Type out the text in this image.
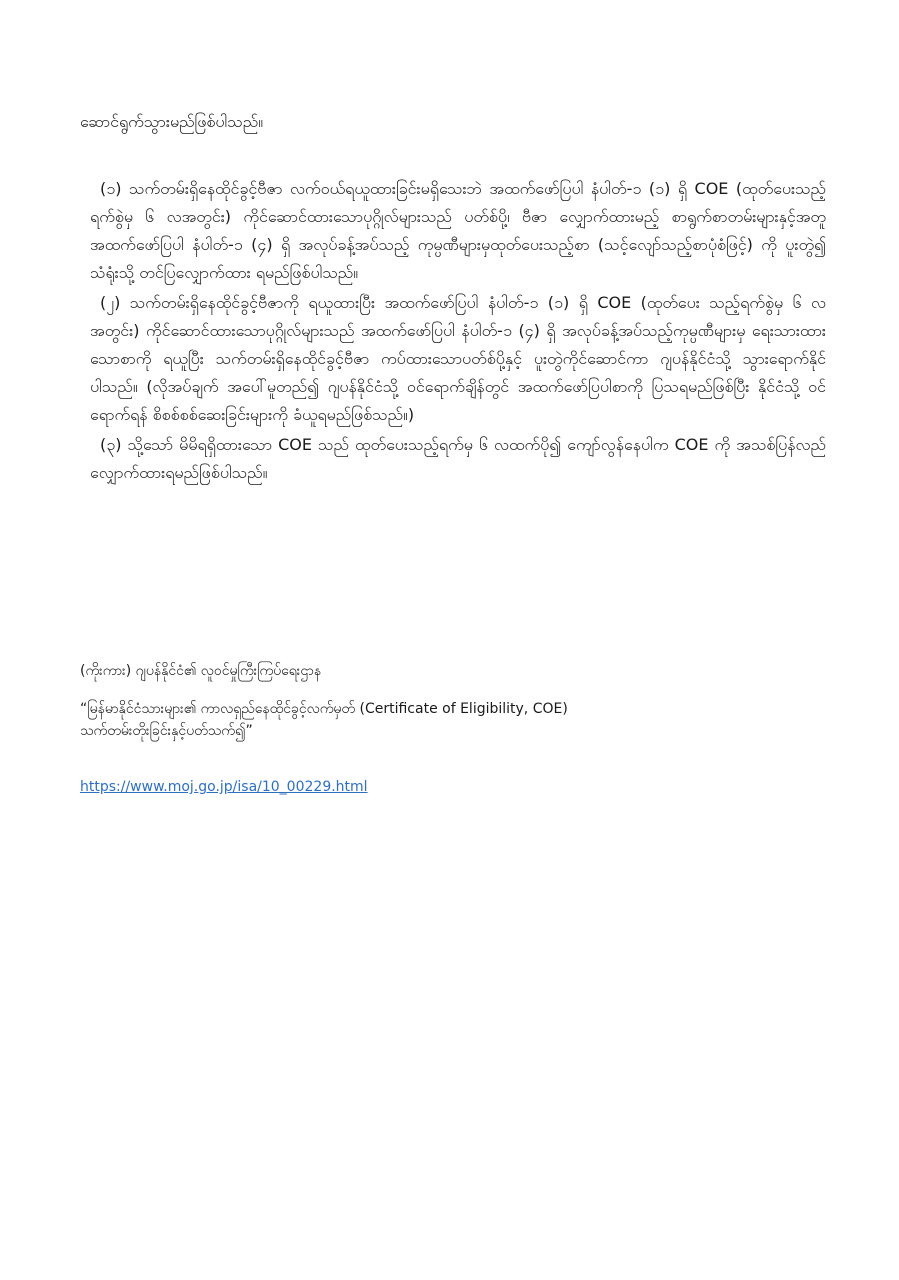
ဆောင်ရွက်သွားမည်ဖြစ်ပါသည်။

(၁) သက်တမ်းရှိနေထိုင်ခွင့်ဗီဇာ လက်ဝယ်ရယူထားခြင်းမရှိသေးဘဲ အထက်ဖော်ပြပါ နံပါတ်-၁ (၁) ရှိ COE (ထုတ်ပေးသည့်ရက်စွဲမှ ၆ လအတွင်း) ကိုင်ဆောင်ထားသောပုဂ္ဂိုလ်များသည် ပတ်စ်ပို့၊ ဗီဇာ လျှောက်ထားမည့် စာရွက်စာတမ်းများနှင့်အတူ အထက်ဖော်ပြပါ နံပါတ်-၁ (၄) ရှိ အလုပ်ခန့်အပ်သည့် ကုမ္ပဏီများမှထုတ်ပေးသည့်စာ (သင့်လျော်သည့်စာပုံစံဖြင့်) ကို ပူးတွဲ၍ သံရုံးသို့ တင်ပြလျှောက်ထား ရမည်ဖြစ်ပါသည်။

(၂) သက်တမ်းရှိနေထိုင်ခွင့်ဗီဇာကို ရယူထားပြီး အထက်ဖော်ပြပါ နံပါတ်-၁ (၁) ရှိ COE (ထုတ်ပေး သည့်ရက်စွဲမှ ၆ လအတွင်း) ကိုင်ဆောင်ထားသောပုဂ္ဂိုလ်များသည် အထက်ဖော်ပြပါ နံပါတ်-၁ (၄) ရှိ အလုပ်ခန့်အပ်သည့်ကုမ္ပဏီများမှ ရေးသားထားသောစာကို ရယူပြီး သက်တမ်းရှိနေထိုင်ခွင့်ဗီဇာ ကပ်ထားသောပတ်စ်ပို့နှင့် ပူးတွဲကိုင်ဆောင်ကာ ဂျပန်နိုင်ငံသို့ သွားရောက်နိုင်ပါသည်။ (လိုအပ်ချက် အပေါ်မူတည်၍ ဂျပန်နိုင်ငံသို့ ဝင်ရောက်ချိန်တွင် အထက်ဖော်ပြပါစာကို ပြသရမည်ဖြစ်ပြီး နိုင်ငံသို့ ဝင်ရောက်ရန် စိစစ်စစ်ဆေးခြင်းများကို ခံယူရမည်ဖြစ်သည်။)

(၃) သို့သော် မိမိရရှိထားသော COE သည် ထုတ်ပေးသည့်ရက်မှ ၆ လထက်ပို၍ ကျော်လွန်နေပါက COE ကို အသစ်ပြန်လည်လျှောက်ထားရမည်ဖြစ်ပါသည်။

(ကိုးကား) ဂျပန်နိုင်ငံ၏ လူဝင်မှုကြီးကြပ်ရေးဌာန

“မြန်မာနိုင်ငံသားများ၏ ကာလရှည်နေထိုင်ခွင့်လက်မှတ် (Certificate of Eligibility, COE)

သက်တမ်းတိုးခြင်းနှင့်ပတ်သက်၍”

https://www.moj.go.jp/isa/10_00229.html
